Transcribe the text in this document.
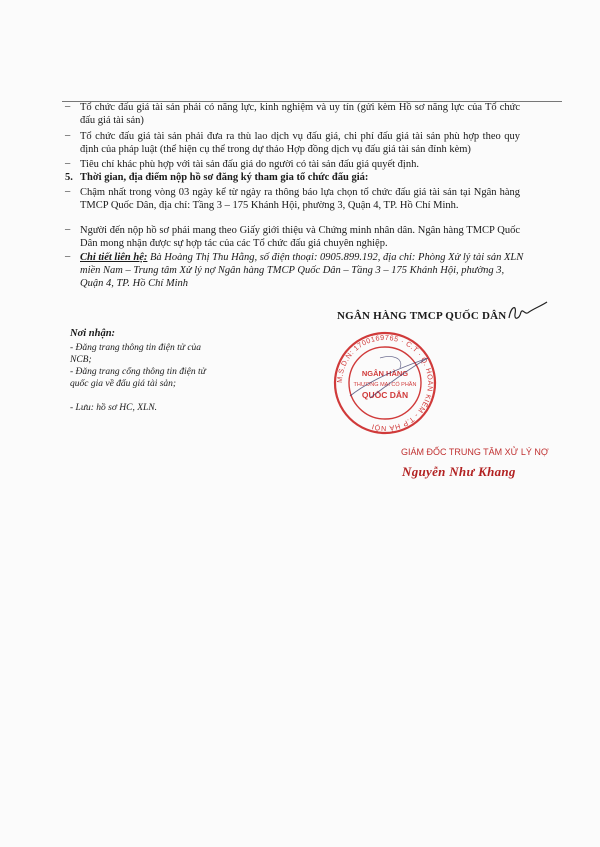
– Tổ chức đấu giá tài sản phải có năng lực, kinh nghiệm và uy tín (gửi kèm Hồ sơ năng lực của Tổ chức đấu giá tài sản)
– Tổ chức đấu giá tài sản phải đưa ra thù lao dịch vụ đấu giá, chi phí đấu giá tài sản phù hợp theo quy định của pháp luật (thể hiện cụ thể trong dự thảo Hợp đồng dịch vụ đấu giá tài sản đính kèm)
– Tiêu chí khác phù hợp với tài sản đấu giá do người có tài sản đấu giá quyết định.
5. Thời gian, địa điểm nộp hồ sơ đăng ký tham gia tổ chức đấu giá:
– Chậm nhất trong vòng 03 ngày kể từ ngày ra thông báo lựa chọn tổ chức đấu giá tài sản tại Ngân hàng TMCP Quốc Dân, địa chỉ: Tầng 3 – 175 Khánh Hội, phường 3, Quận 4, TP. Hồ Chí Minh.
– Người đến nộp hồ sơ phải mang theo Giấy giới thiệu và Chứng minh nhân dân. Ngân hàng TMCP Quốc Dân mong nhận được sự hợp tác của các Tổ chức đấu giá chuyên nghiệp.
– Chi tiết liên hệ: Bà Hoàng Thị Thu Hằng, số điện thoại: 0905.899.192, địa chỉ: Phòng Xử lý tài sản XLN miền Nam – Trung tâm Xử lý nợ Ngân hàng TMCP Quốc Dân – Tầng 3 – 175 Khánh Hội, phường 3, Quận 4, TP. Hồ Chí Minh
Nơi nhận:
- Đăng trang thông tin điện tử của NCB;
- Đăng trang cổng thông tin điện tử quốc gia về đấu giá tài sản;
- Lưu: hồ sơ HC, XLN.
NGÂN HÀNG TMCP QUỐC DÂN
M.S.D.N: 1700169765 · C.T · Q. HOÀN KIẾM - T.P HÀ NỘI
NGÂN HÀNG
THƯƠNG MẠI CỔ PHẦN
QUỐC DÂN
GIÁM ĐỐC TRUNG TÂM XỬ LÝ NỢ
Nguyễn Như Khang
